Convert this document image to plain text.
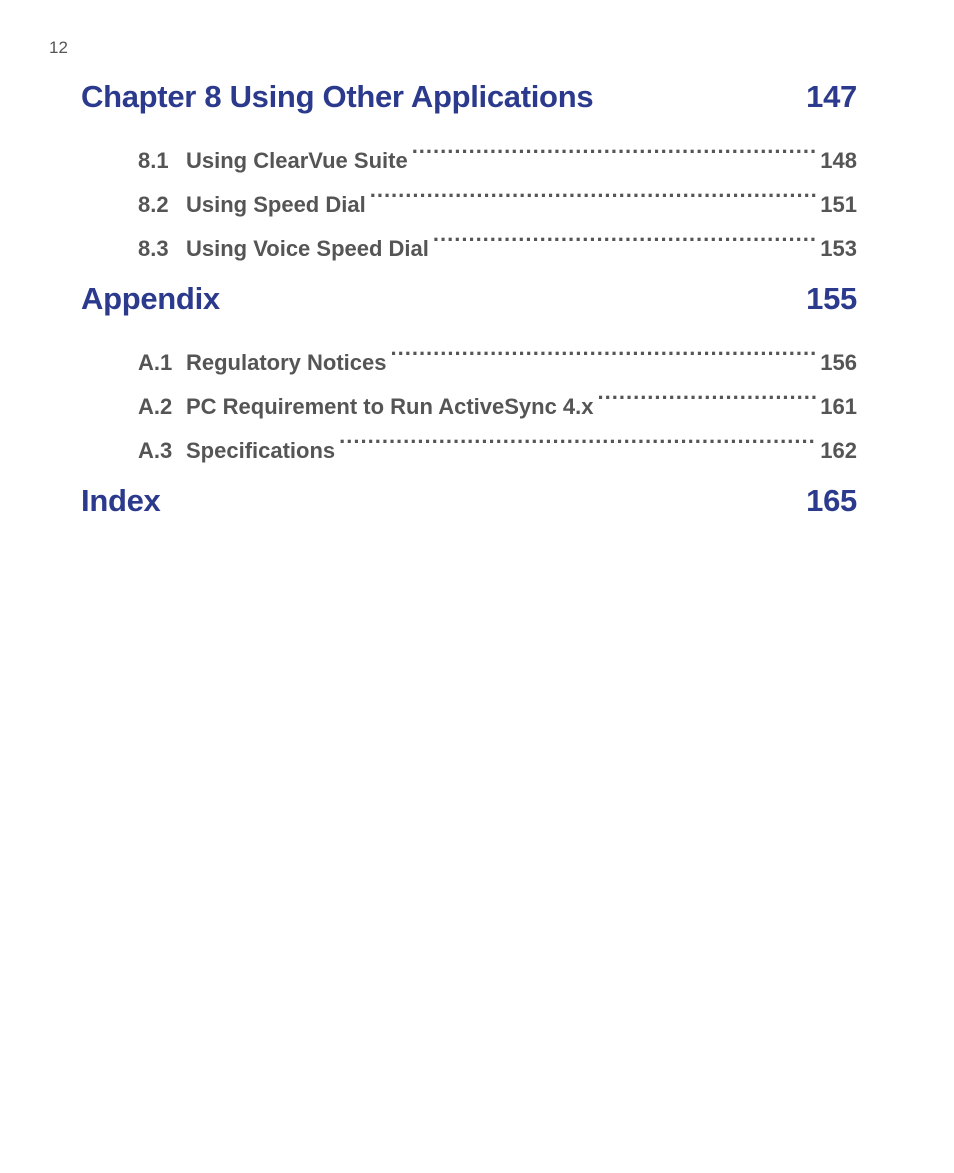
12
Chapter 8 Using Other Applications	147
8.1 Using ClearVue Suite .....	148
8.2 Using Speed Dial .....	151
8.3 Using Voice Speed Dial .....	153
Appendix	155
A.1 Regulatory Notices .....	156
A.2 PC Requirement to Run ActiveSync 4.x .....	161
A.3 Specifications .....	162
Index	165
